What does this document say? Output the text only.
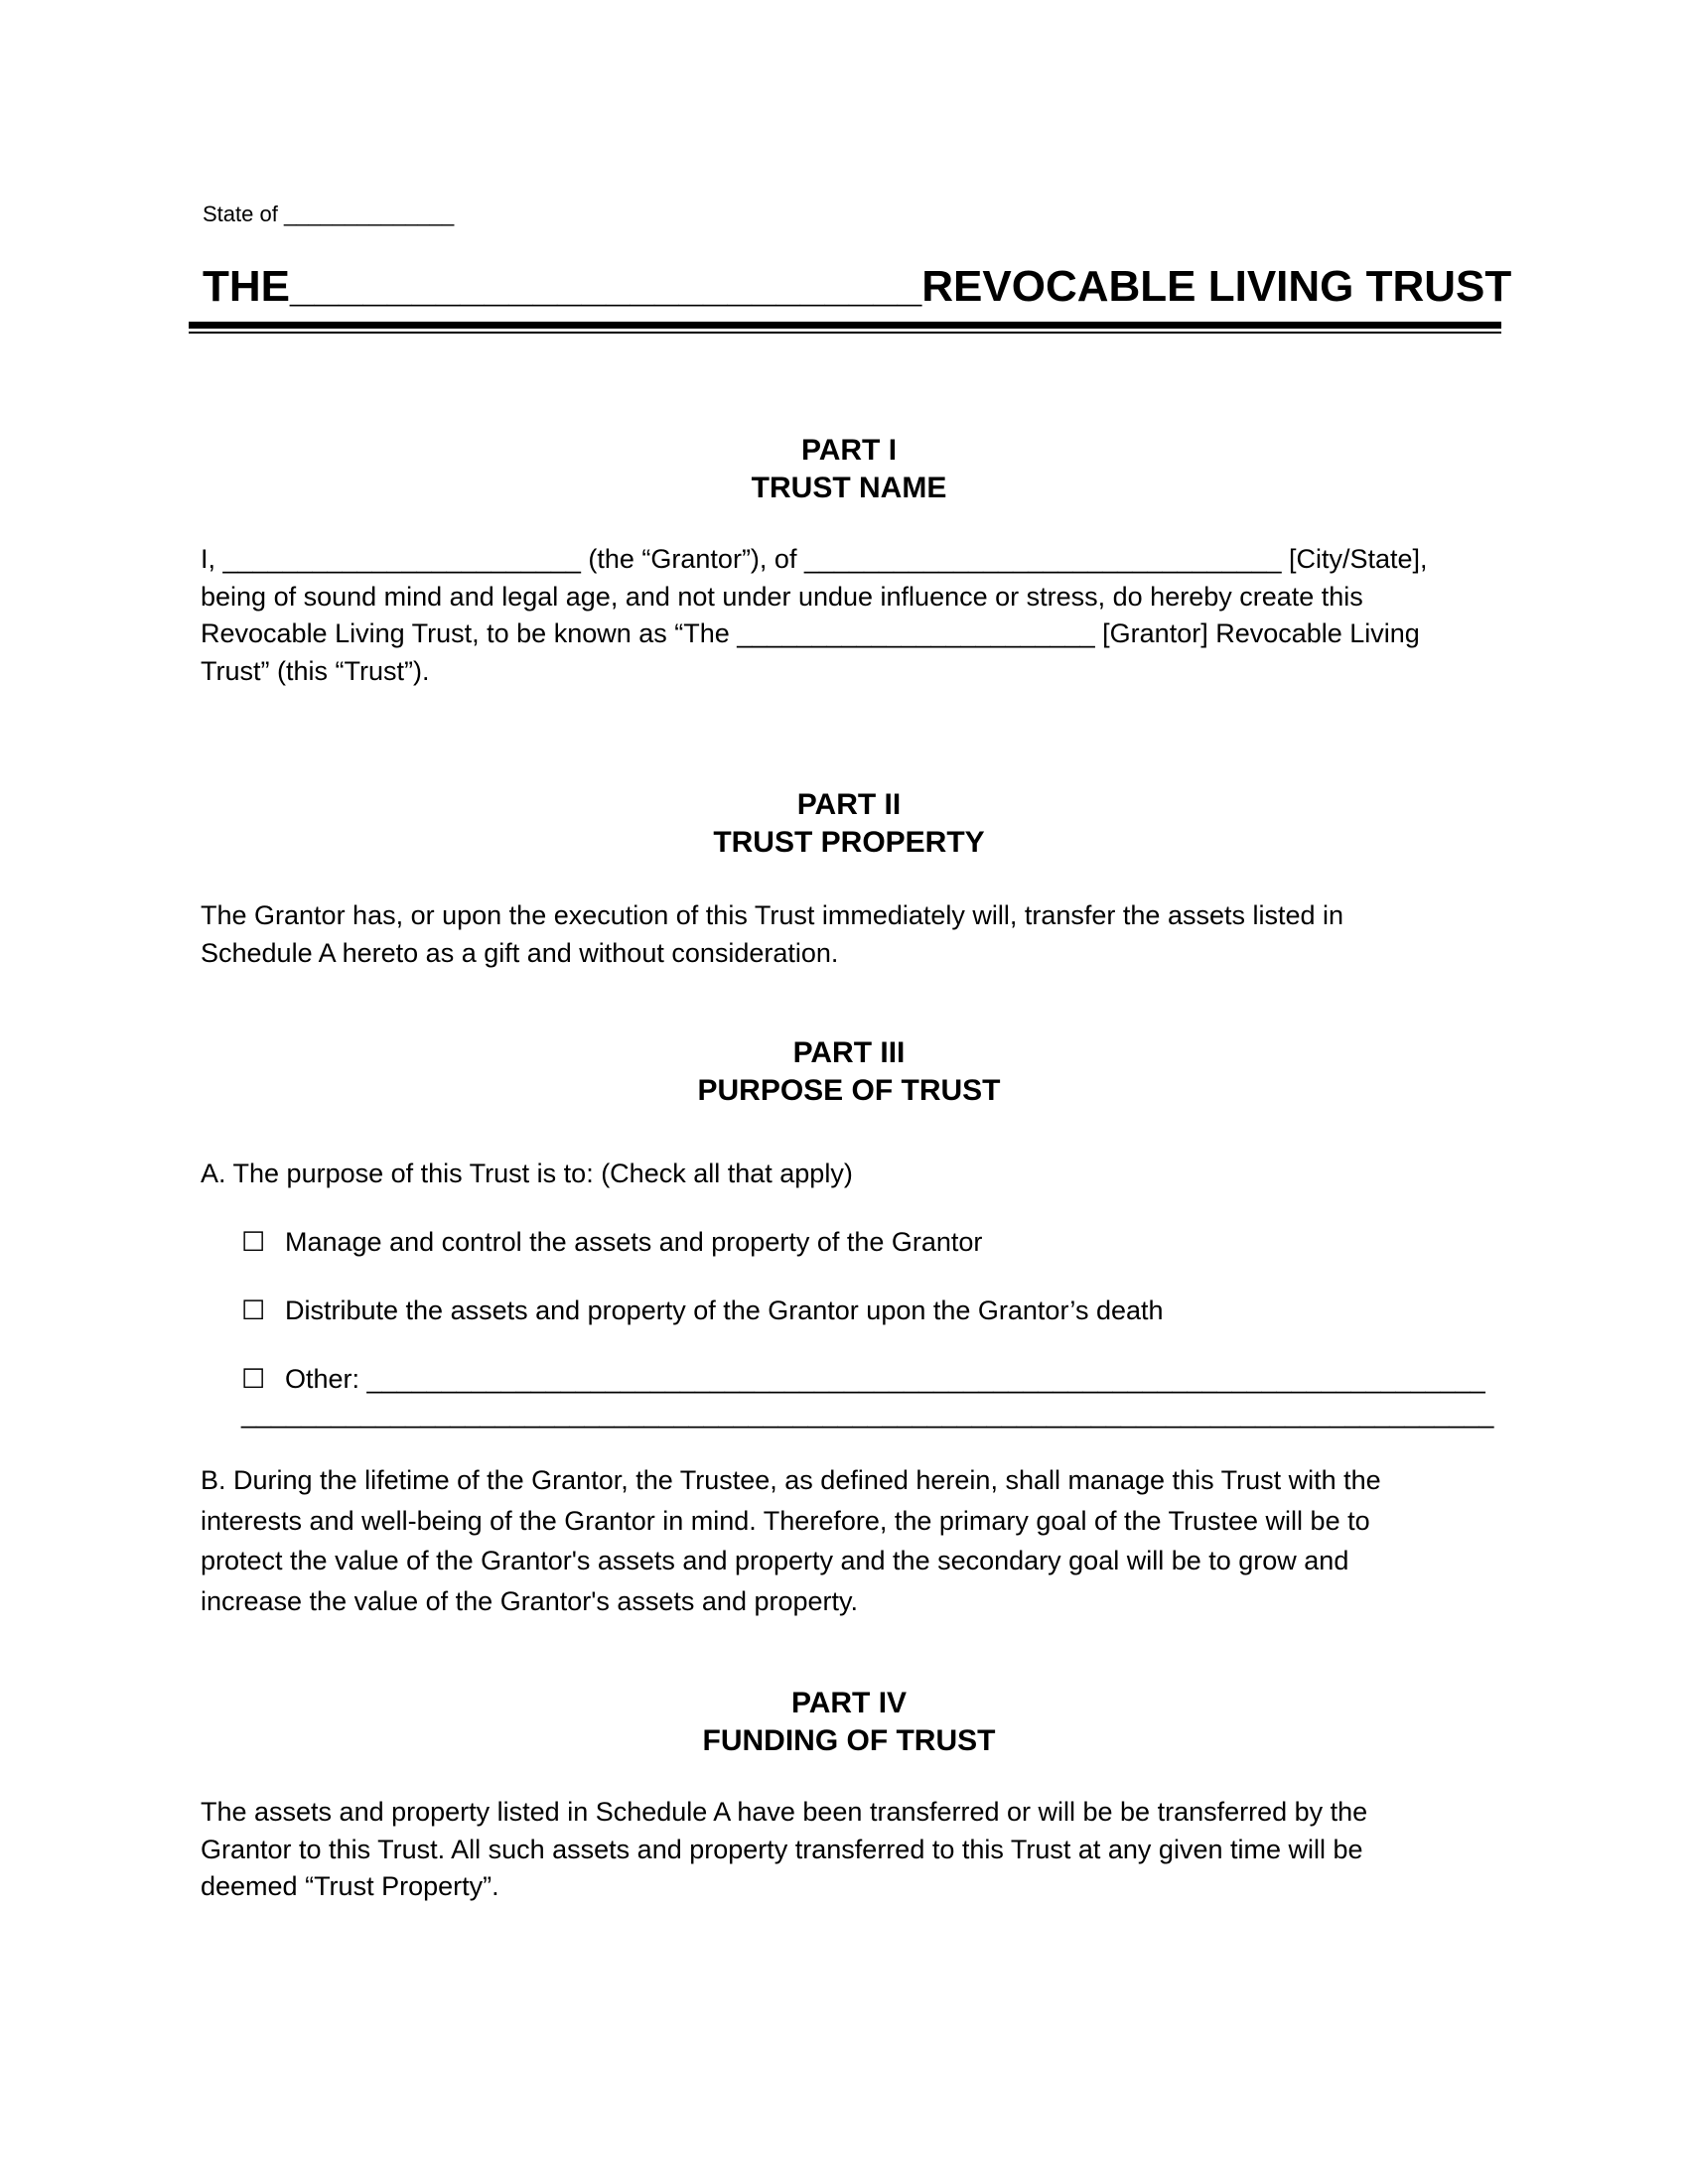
State of ______________
THE __________________________ REVOCABLE LIVING TRUST
PART I
TRUST NAME
I, ________________________ (the “Grantor”), of ________________________________ [City/State],
being of sound mind and legal age, and not under undue influence or stress, do hereby create this
Revocable Living Trust, to be known as “The ________________________ [Grantor] Revocable Living
Trust” (this “Trust”).
PART II
TRUST PROPERTY
The Grantor has, or upon the execution of this Trust immediately will, transfer the assets listed in
Schedule A hereto as a gift and without consideration.
PART III
PURPOSE OF TRUST
A. The purpose of this Trust is to: (Check all that apply)
☐ Manage and control the assets and property of the Grantor
☐ Distribute the assets and property of the Grantor upon the Grantor’s death
☐ Other: ___________________________________________________________________________
____________________________________________________________________________________
B. During the lifetime of the Grantor, the Trustee, as defined herein, shall manage this Trust with the
interests and well-being of the Grantor in mind. Therefore, the primary goal of the Trustee will be to
protect the value of the Grantor's assets and property and the secondary goal will be to grow and
increase the value of the Grantor's assets and property.
PART IV
FUNDING OF TRUST
The assets and property listed in Schedule A have been transferred or will be be transferred by the
Grantor to this Trust. All such assets and property transferred to this Trust at any given time will be
deemed “Trust Property”.
